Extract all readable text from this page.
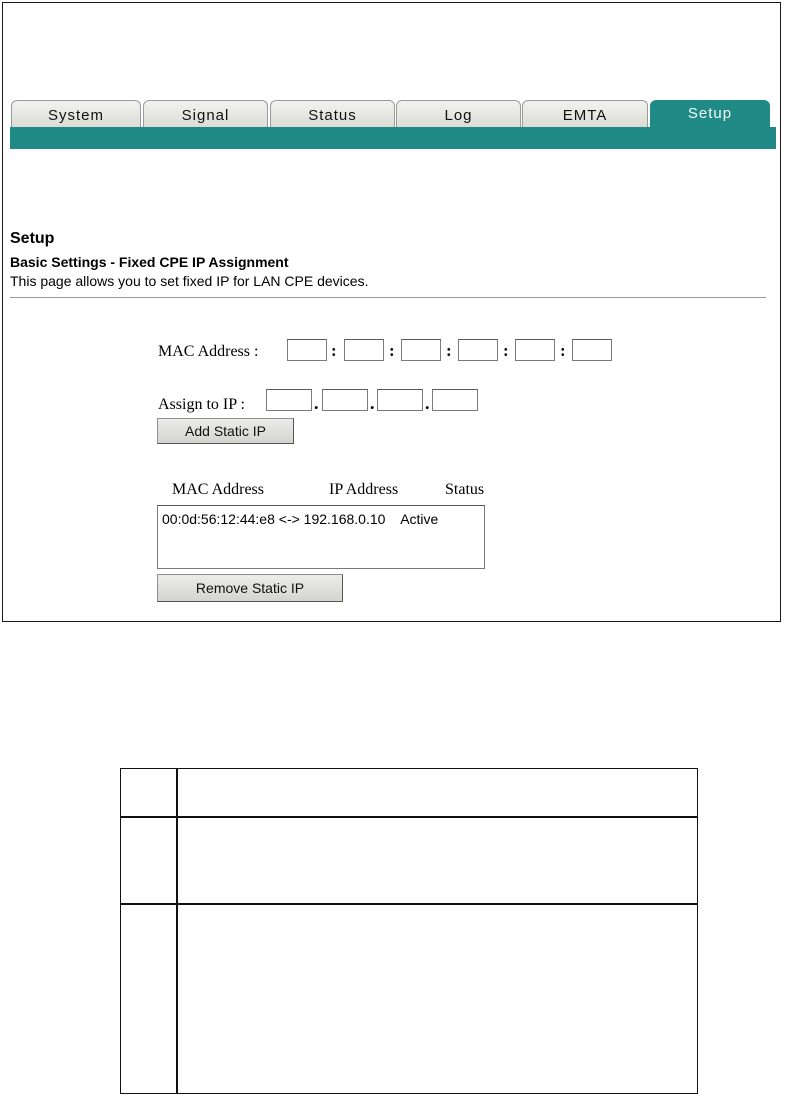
System	Signal	Status	Log	EMTA	Setup
Setup
Basic Settings - Fixed CPE IP Assignment
This page allows you to set fixed IP for LAN CPE devices.
MAC Address :	:	:	:	:	:
Assign to IP :	.	.	.
Add Static IP
MAC Address	IP Address	Status
00:0d:56:12:44:e8 <-> 192.168.0.10    Active
Remove Static IP
